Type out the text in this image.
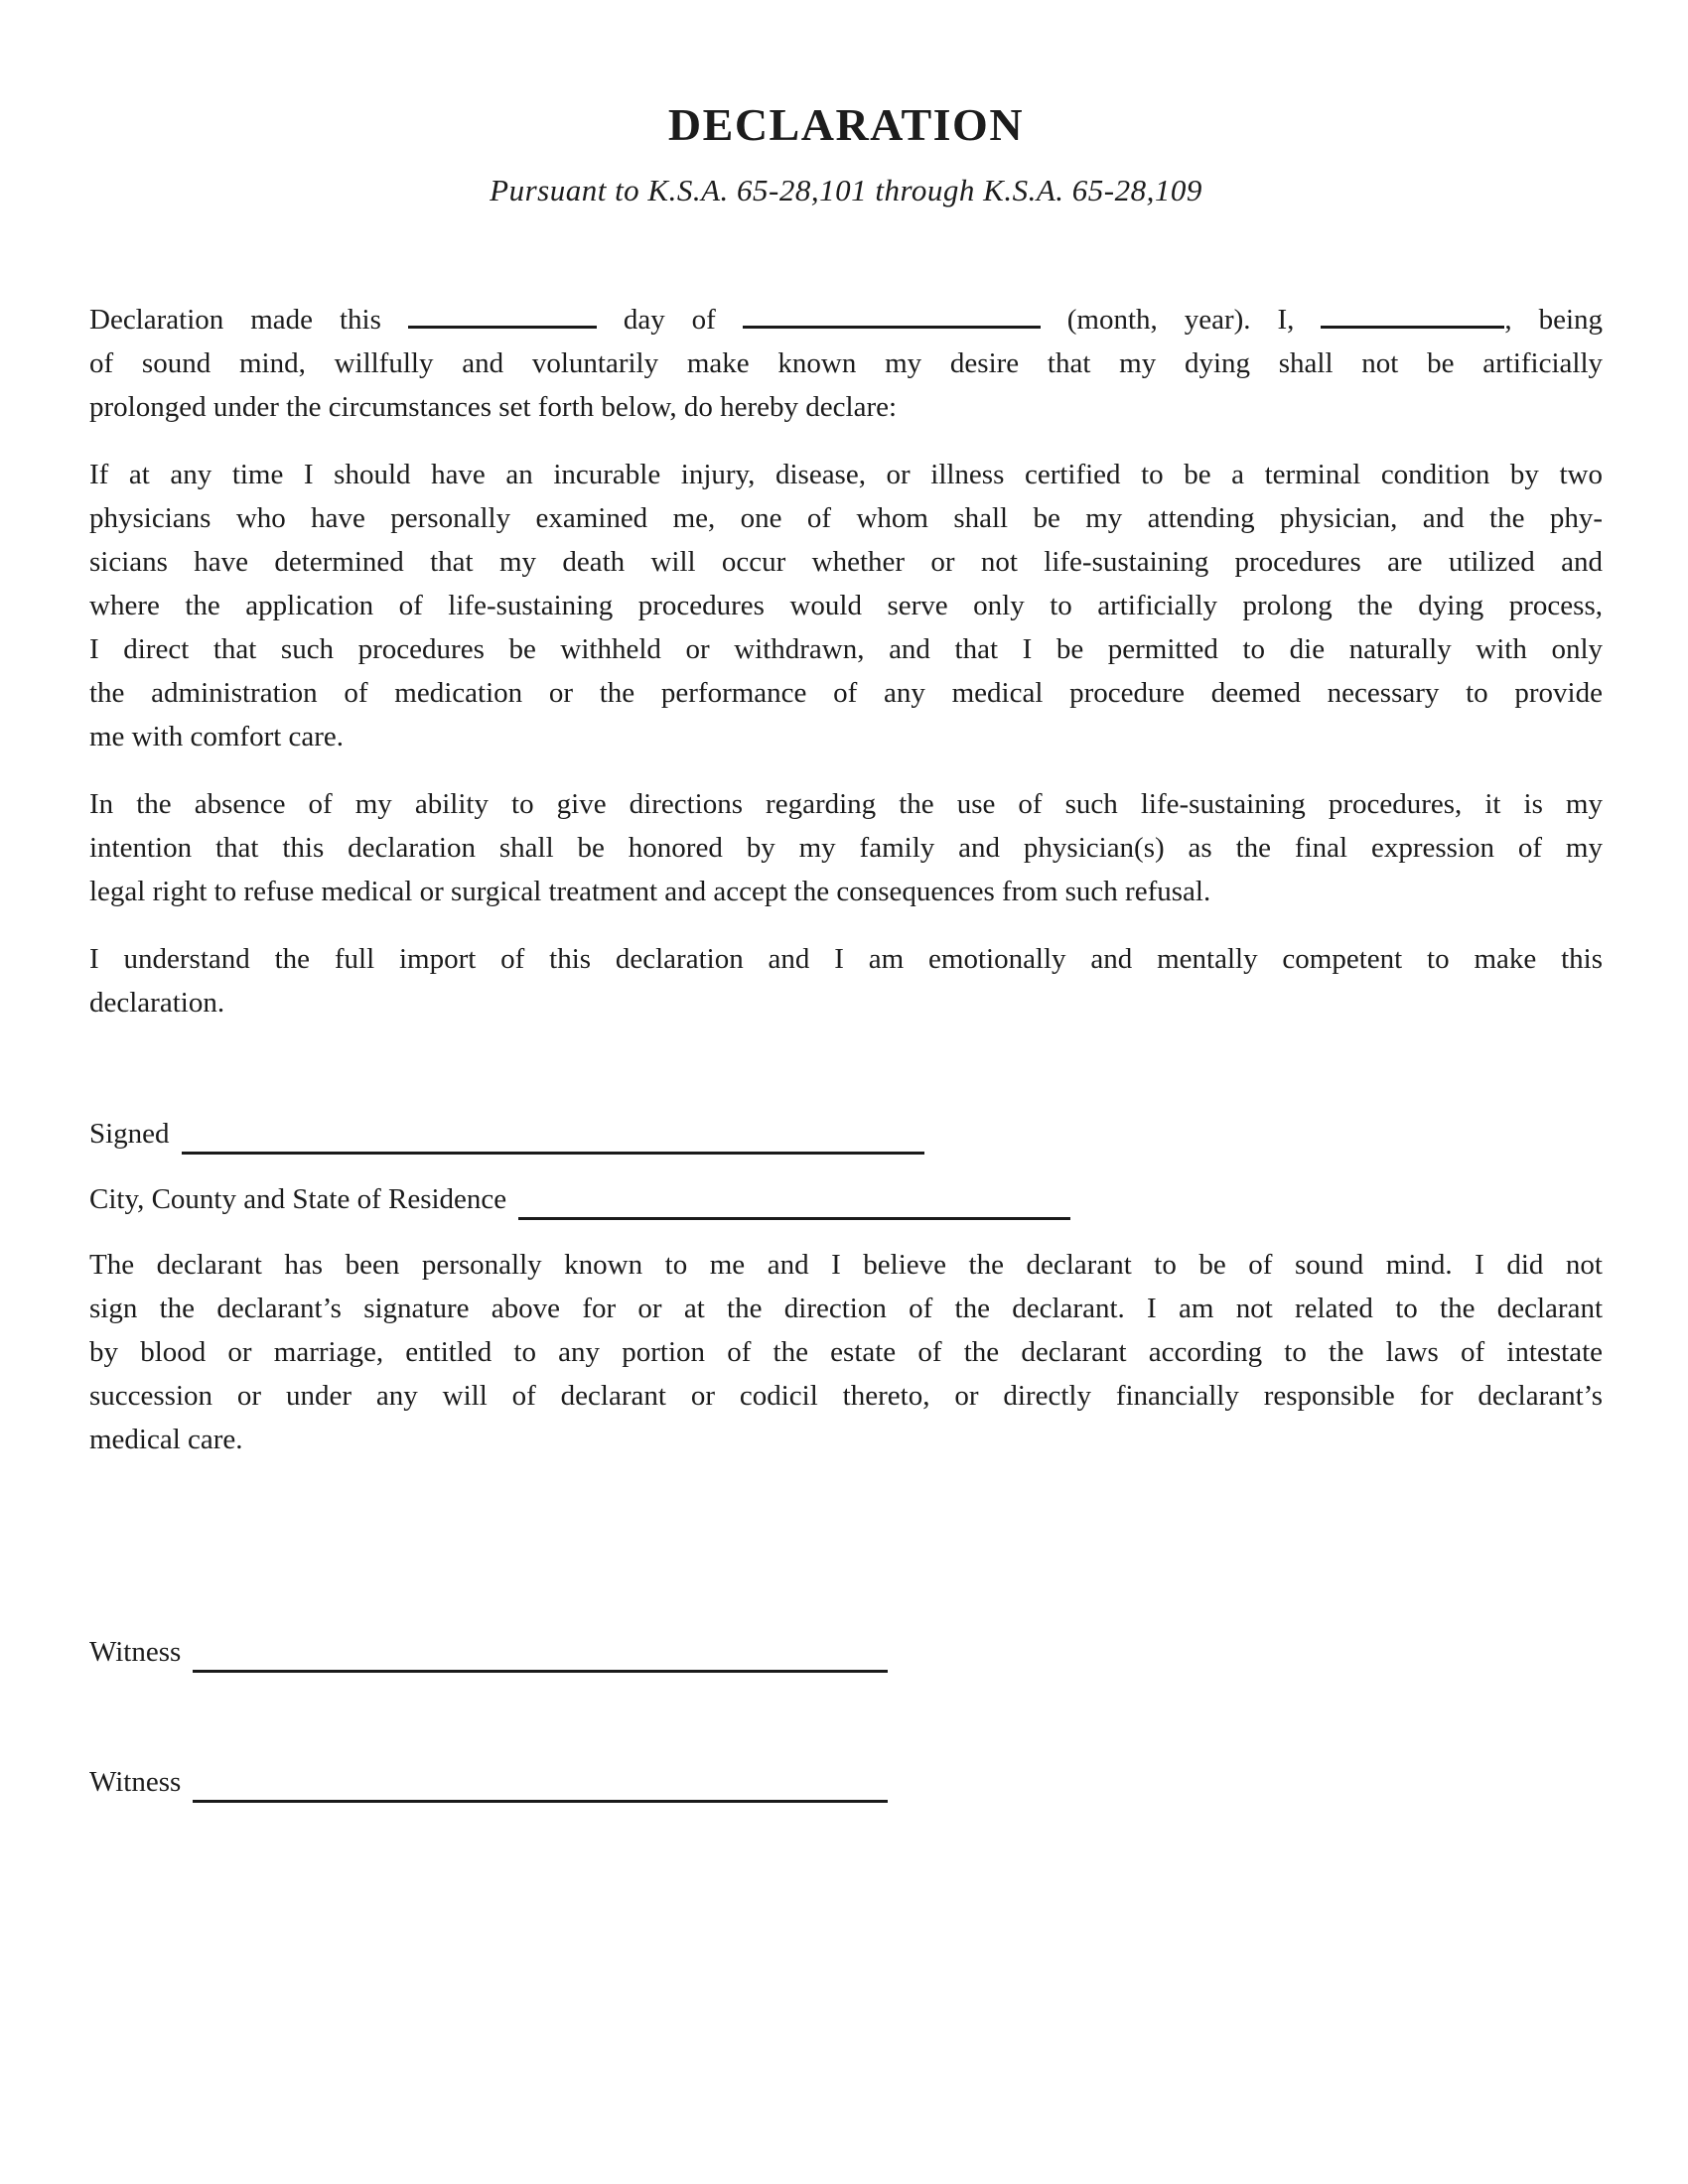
DECLARATION
Pursuant to K.S.A. 65-28,101 through K.S.A. 65-28,109
Declaration made this	day of	(month, year). I,	, being
of sound mind, willfully and voluntarily make known my desire that my dying shall not be artificially
prolonged under the circumstances set forth below, do hereby declare:
If at any time I should have an incurable injury, disease, or illness certified to be a terminal condition by two
physicians who have personally examined me, one of whom shall be my attending physician, and the phy-
sicians have determined that my death will occur whether or not life-sustaining procedures are utilized and
where the application of life-sustaining procedures would serve only to artificially prolong the dying process,
I direct that such procedures be withheld or withdrawn, and that I be permitted to die naturally with only
the administration of medication or the performance of any medical procedure deemed necessary to provide
me with comfort care.
In the absence of my ability to give directions regarding the use of such life-sustaining procedures, it is my
intention that this declaration shall be honored by my family and physician(s) as the final expression of my
legal right to refuse medical or surgical treatment and accept the consequences from such refusal.
I understand the full import of this declaration and I am emotionally and mentally competent to make this
declaration.
Signed
City, County and State of Residence
The declarant has been personally known to me and I believe the declarant to be of sound mind. I did not
sign the declarant’s signature above for or at the direction of the declarant. I am not related to the declarant
by blood or marriage, entitled to any portion of the estate of the declarant according to the laws of intestate
succession or under any will of declarant or codicil thereto, or directly financially responsible for declarant’s
medical care.
Witness
Witness
